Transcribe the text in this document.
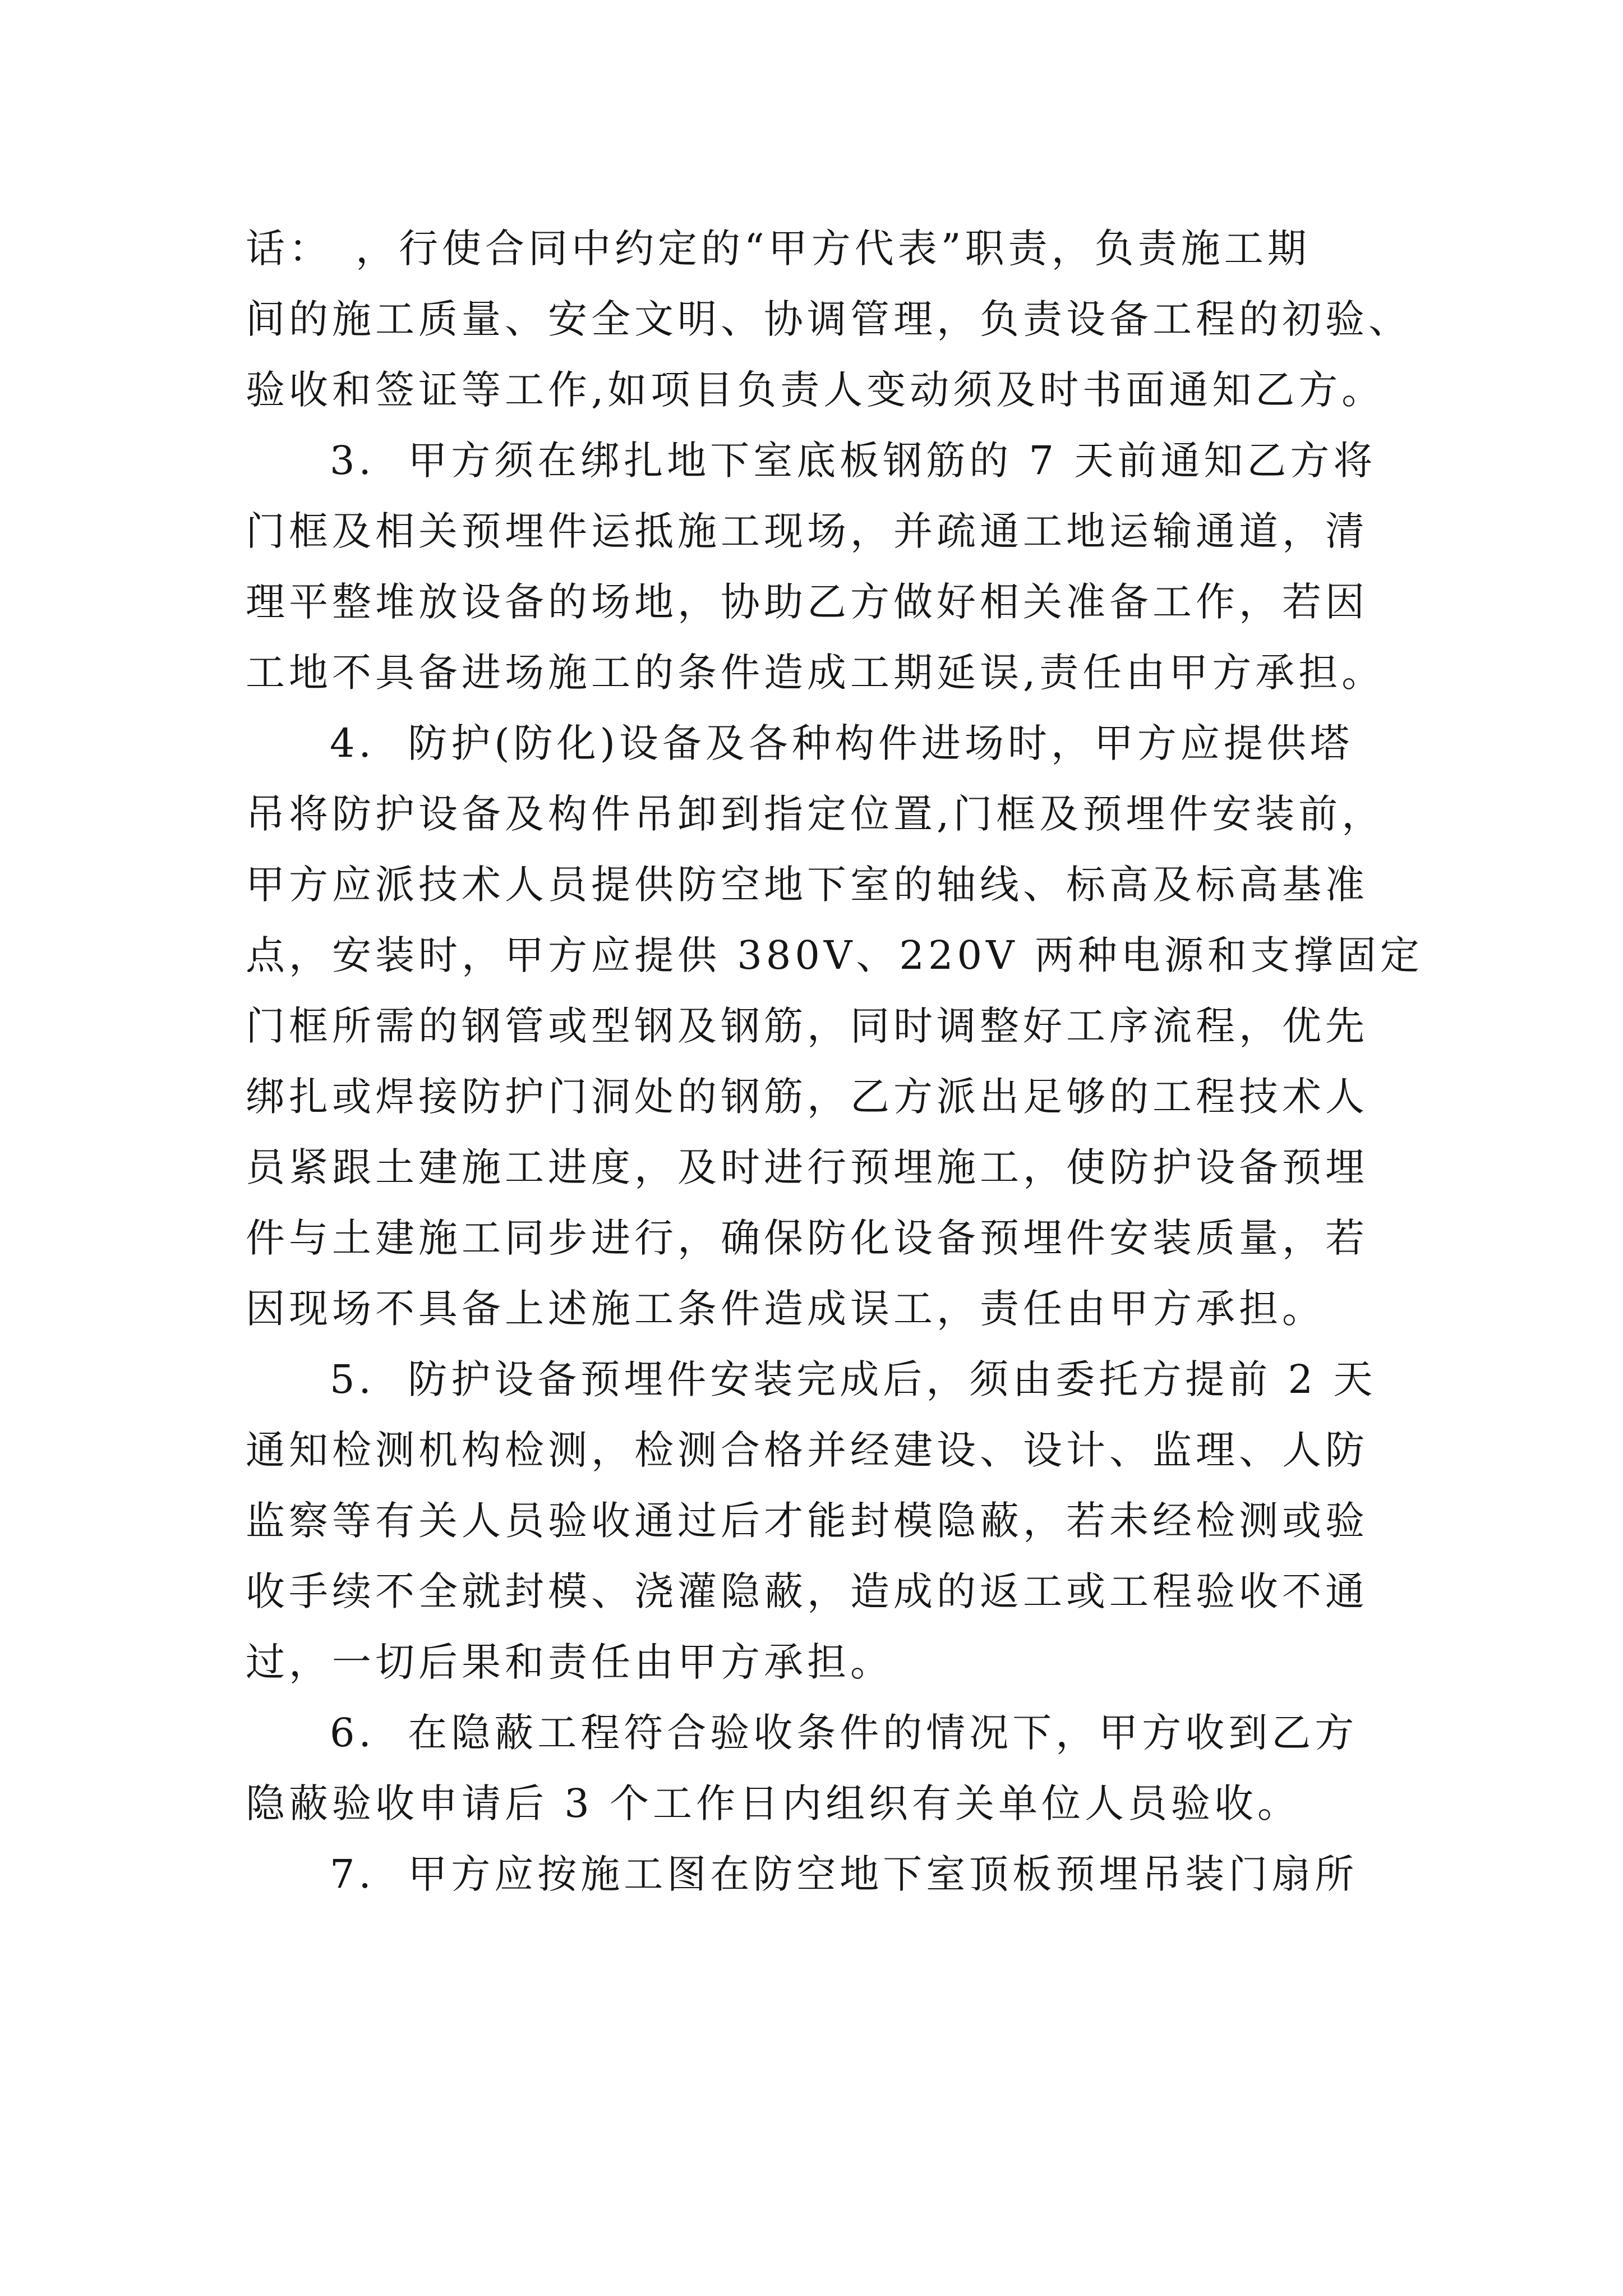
话：　，行使合同中约定的“甲方代表”职责，负责施工期
间的施工质量、安全文明、协调管理，负责设备工程的初验、
验收和签证等工作,如项目负责人变动须及时书面通知乙方。
3.  甲方须在绑扎地下室底板钢筋的 7 天前通知乙方将
门框及相关预埋件运抵施工现场，并疏通工地运输通道，清
理平整堆放设备的场地，协助乙方做好相关准备工作，若因
工地不具备进场施工的条件造成工期延误,责任由甲方承担。
4.  防护(防化)设备及各种构件进场时，甲方应提供塔
吊将防护设备及构件吊卸到指定位置,门框及预埋件安装前，
甲方应派技术人员提供防空地下室的轴线、标高及标高基准
点，安装时，甲方应提供 380V、220V 两种电源和支撑固定
门框所需的钢管或型钢及钢筋，同时调整好工序流程，优先
绑扎或焊接防护门洞处的钢筋，乙方派出足够的工程技术人
员紧跟土建施工进度，及时进行预埋施工，使防护设备预埋
件与土建施工同步进行，确保防化设备预埋件安装质量，若
因现场不具备上述施工条件造成误工，责任由甲方承担。
5.  防护设备预埋件安装完成后，须由委托方提前 2 天
通知检测机构检测，检测合格并经建设、设计、监理、人防
监察等有关人员验收通过后才能封模隐蔽，若未经检测或验
收手续不全就封模、浇灌隐蔽，造成的返工或工程验收不通
过，一切后果和责任由甲方承担。
6.  在隐蔽工程符合验收条件的情况下，甲方收到乙方
隐蔽验收申请后 3 个工作日内组织有关单位人员验收。
7.  甲方应按施工图在防空地下室顶板预埋吊装门扇所
